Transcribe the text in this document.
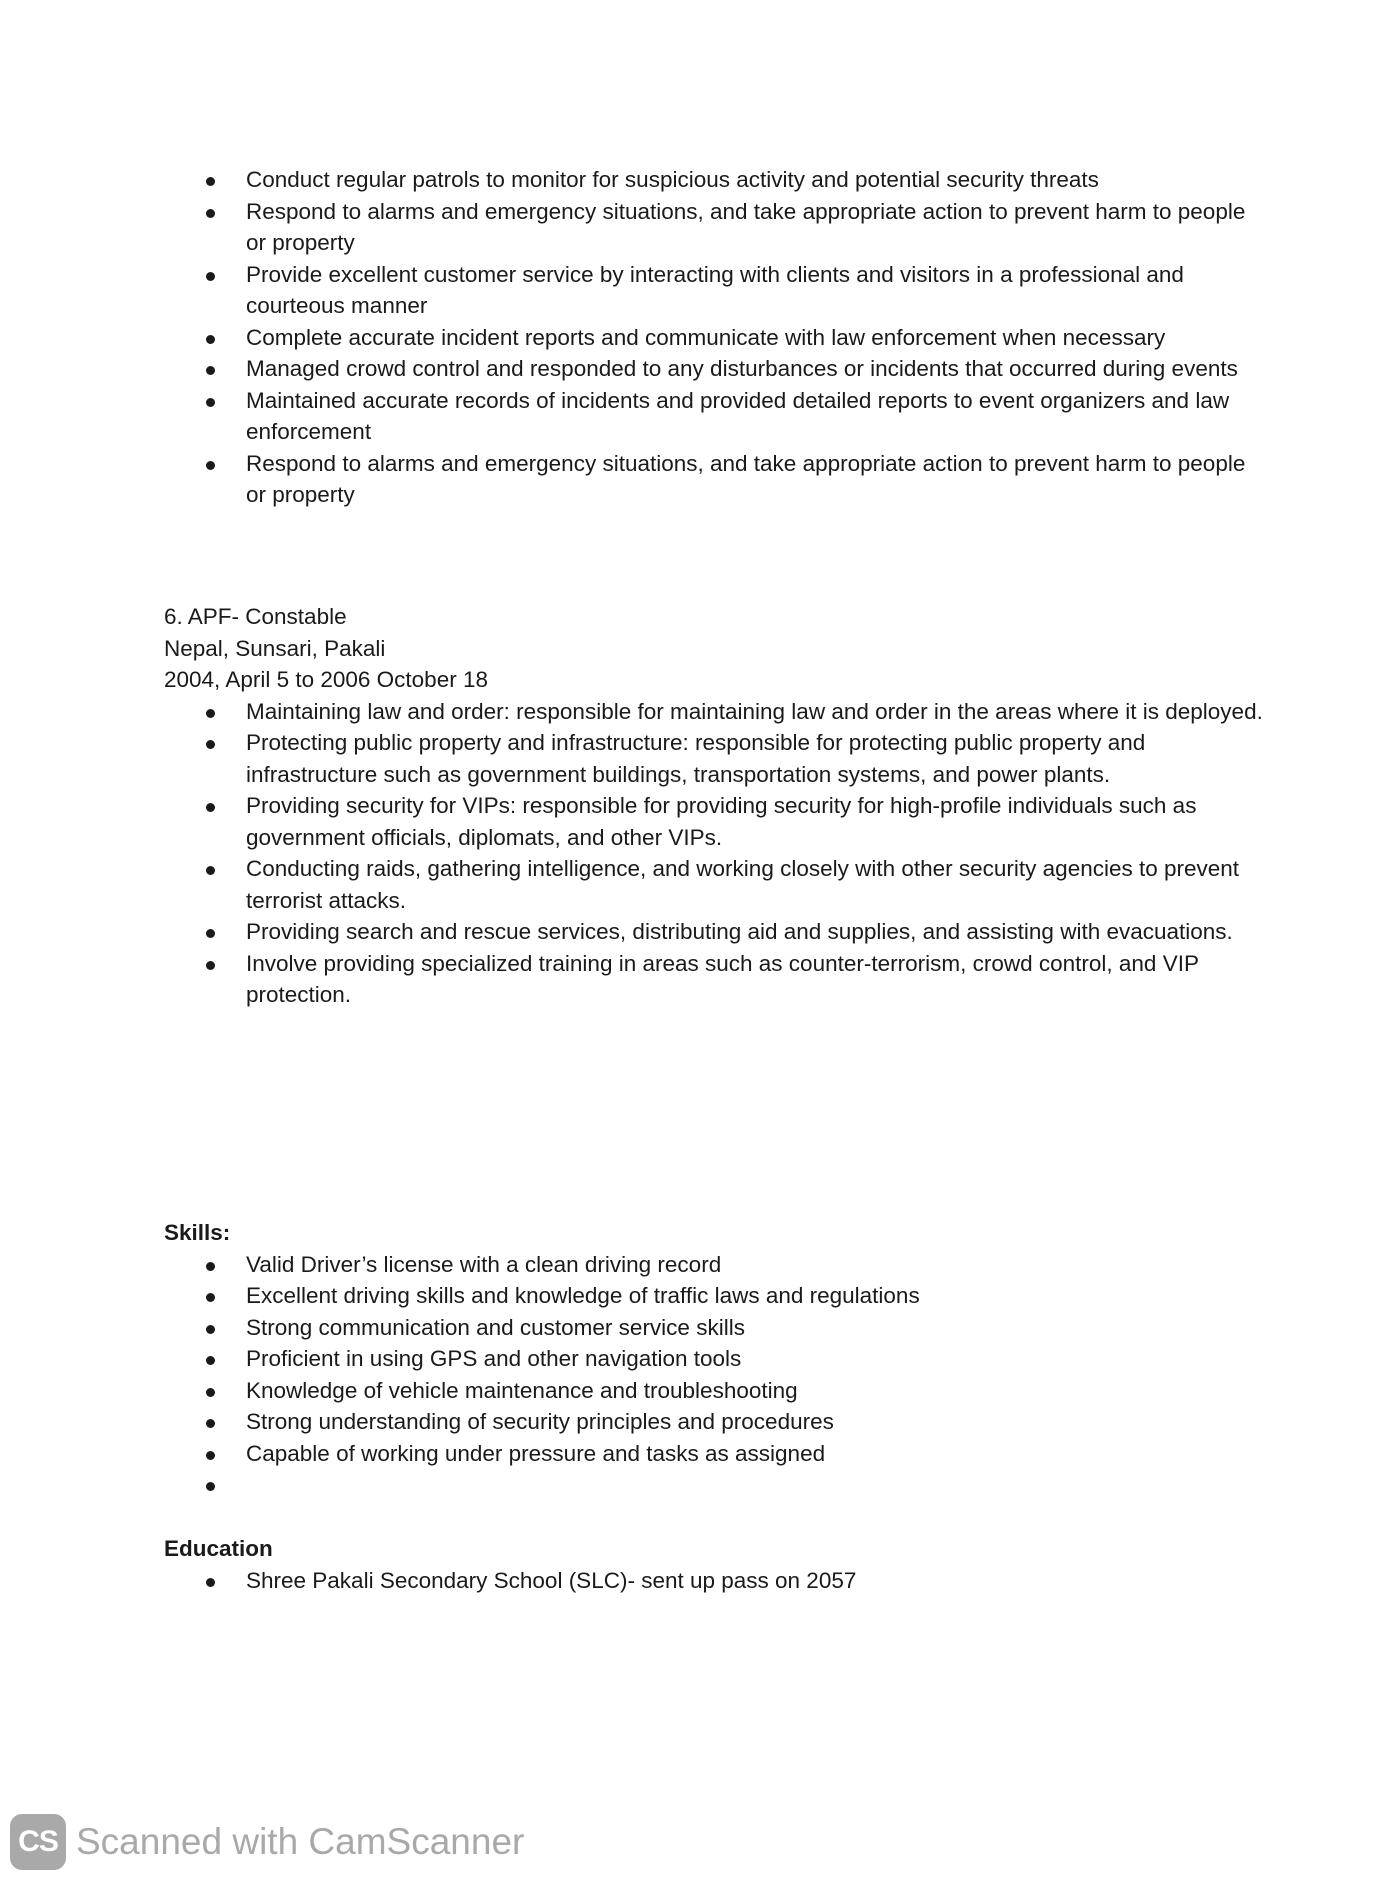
Conduct regular patrols to monitor for suspicious activity and potential security threats
Respond to alarms and emergency situations, and take appropriate action to prevent harm to people or property
Provide excellent customer service by interacting with clients and visitors in a professional and courteous manner
Complete accurate incident reports and communicate with law enforcement when necessary
Managed crowd control and responded to any disturbances or incidents that occurred during events
Maintained accurate records of incidents and provided detailed reports to event organizers and law enforcement
Respond to alarms and emergency situations, and take appropriate action to prevent harm to people or property
6. APF- Constable
Nepal, Sunsari, Pakali
2004, April 5 to 2006 October 18
Maintaining law and order: responsible for maintaining law and order in the areas where it is deployed.
Protecting public property and infrastructure: responsible for protecting public property and infrastructure such as government buildings, transportation systems, and power plants.
Providing security for VIPs: responsible for providing security for high-profile individuals such as government officials, diplomats, and other VIPs.
Conducting raids, gathering intelligence, and working closely with other security agencies to prevent terrorist attacks.
Providing search and rescue services, distributing aid and supplies, and assisting with evacuations.
Involve providing specialized training in areas such as counter-terrorism, crowd control, and VIP protection.
Skills:
Valid Driver’s license with a clean driving record
Excellent driving skills and knowledge of traffic laws and regulations
Strong communication and customer service skills
Proficient in using GPS and other navigation tools
Knowledge of vehicle maintenance and troubleshooting
Strong understanding of security principles and procedures
Capable of working under pressure and tasks as assigned
Education
Shree Pakali Secondary School (SLC)- sent up pass on 2057
CS Scanned with CamScanner
